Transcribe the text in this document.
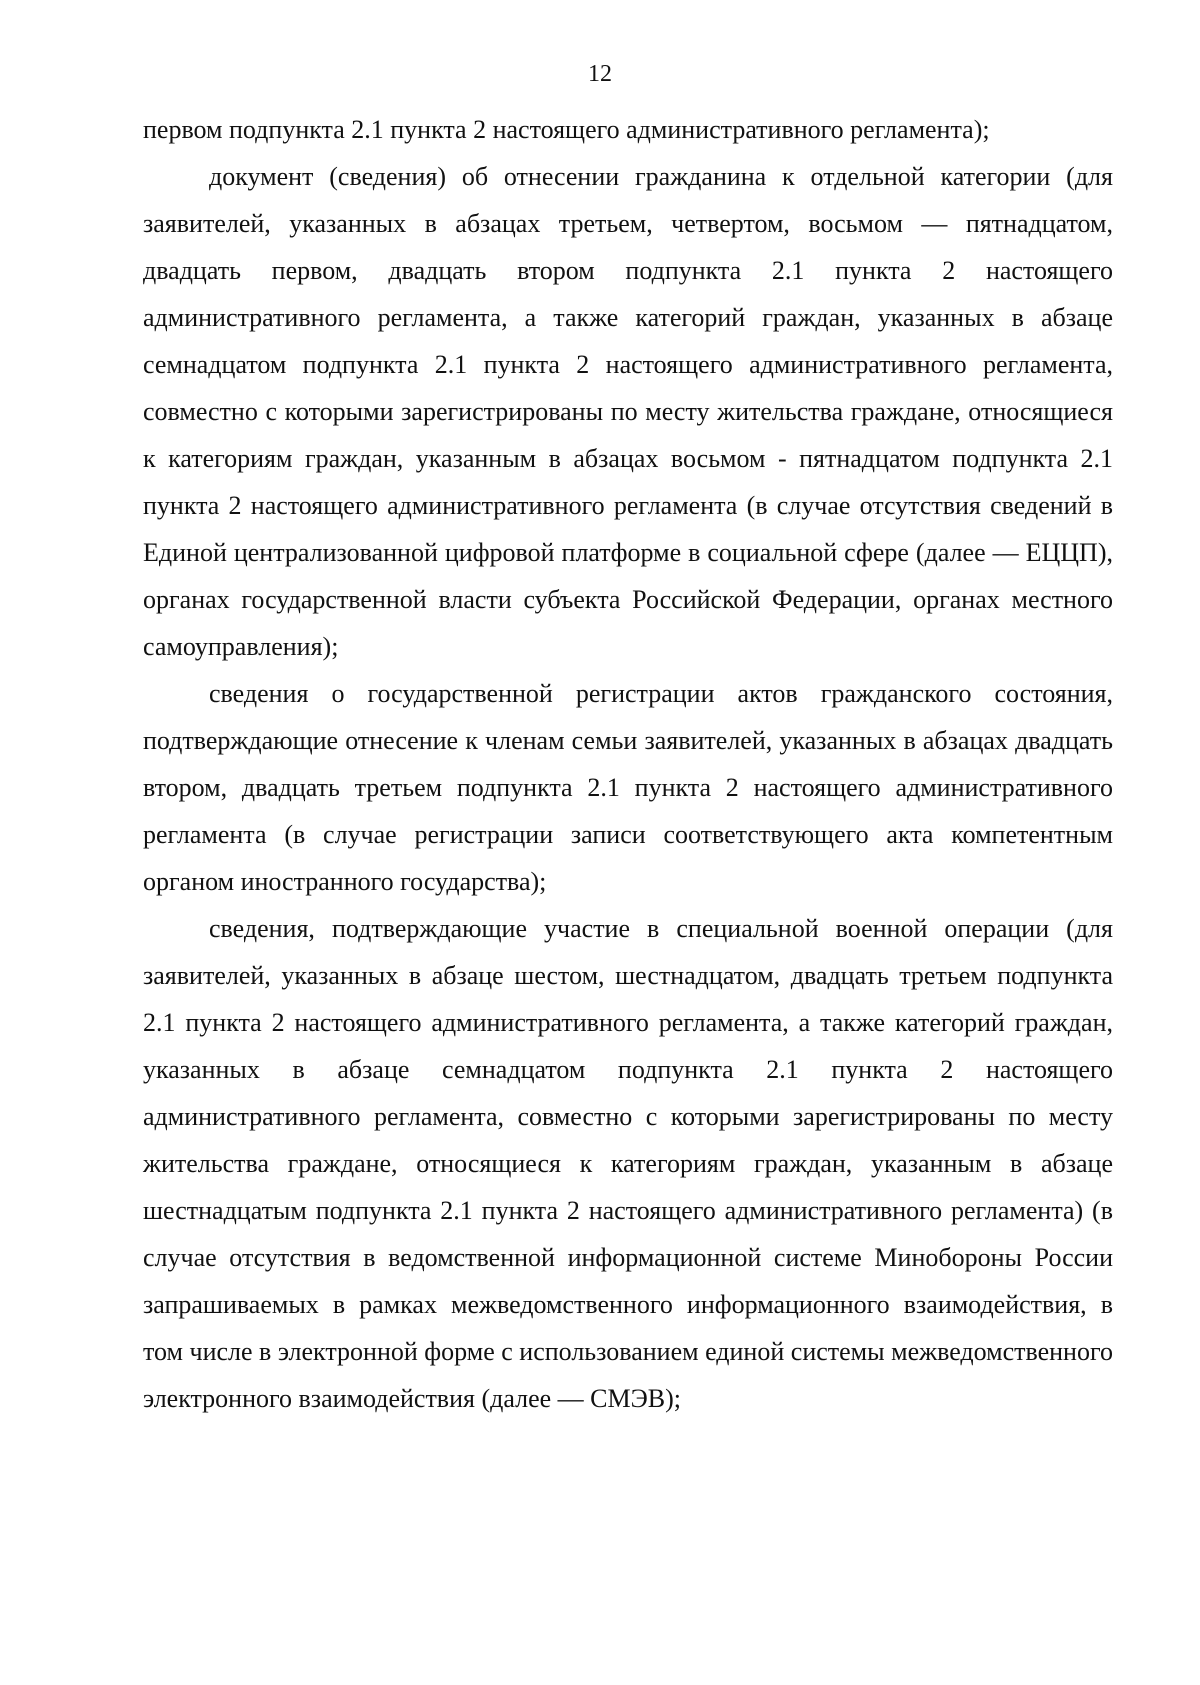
12

первом подпункта 2.1 пункта 2 настоящего административного регламента);

документ (сведения) об отнесении гражданина к отдельной категории (для заявителей, указанных в абзацах третьем, четвертом, восьмом — пятнадцатом, двадцать первом, двадцать втором подпункта 2.1 пункта 2 настоящего административного регламента, а также категорий граждан, указанных в абзаце семнадцатом подпункта 2.1 пункта 2 настоящего административного регламента, совместно с которыми зарегистрированы по месту жительства граждане, относящиеся к категориям граждан, указанным в абзацах восьмом - пятнадцатом подпункта 2.1 пункта 2 настоящего административного регламента (в случае отсутствия сведений в Единой централизованной цифровой платформе в социальной сфере (далее — ЕЦЦП), органах государственной власти субъекта Российской Федерации, органах местного самоуправления);

сведения о государственной регистрации актов гражданского состояния, подтверждающие отнесение к членам семьи заявителей, указанных в абзацах двадцать втором, двадцать третьем подпункта 2.1 пункта 2 настоящего административного регламента (в случае регистрации записи соответствующего акта компетентным органом иностранного государства);

сведения, подтверждающие участие в специальной военной операции (для заявителей, указанных в абзаце шестом, шестнадцатом, двадцать третьем подпункта 2.1 пункта 2 настоящего административного регламента, а также категорий граждан, указанных в абзаце семнадцатом подпункта 2.1 пункта 2 настоящего административного регламента, совместно с которыми зарегистрированы по месту жительства граждане, относящиеся к категориям граждан, указанным в абзаце шестнадцатым подпункта 2.1 пункта 2 настоящего административного регламента) (в случае отсутствия в ведомственной информационной системе Минобороны России запрашиваемых в рамках межведомственного информационного взаимодействия, в том числе в электронной форме с использованием единой системы межведомственного электронного взаимодействия (далее — СМЭВ);
